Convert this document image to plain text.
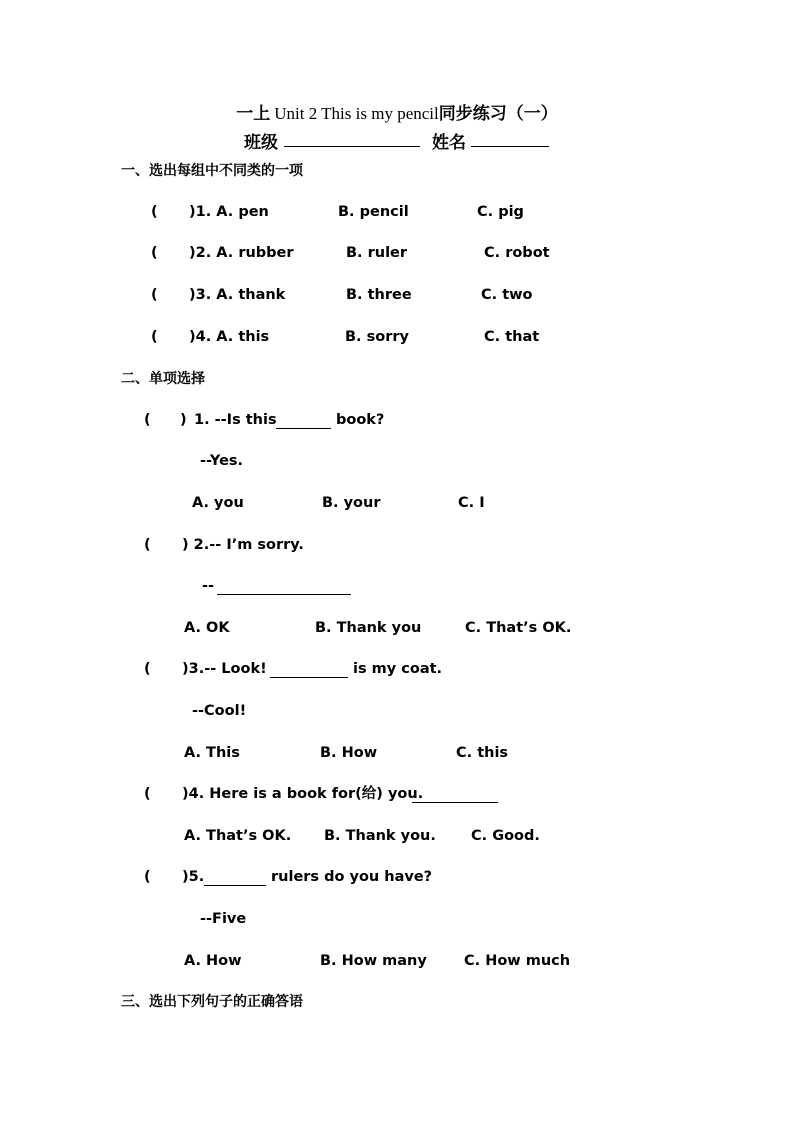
一上 Unit 2 This is my pencil同步练习（一）
班级	姓名
一、选出每组中不同类的一项
( )1. A. pen	B. pencil	C. pig
( )2. A. rubber	B. ruler	C. robot
( )3. A. thank	B. three	C. two
( )4. A. this	B. sorry	C. that
二、单项选择
( ) 1. --Is this	book?
--Yes.
A. you	B. your	C. I
( ) 2.-- I’m sorry.
--
A. OK	B. Thank you	C. That’s OK.
( )3.-- Look!	is my coat.
--Cool!
A. This	B. How	C. this
( )4. Here is a book for(给) you.
A. That’s OK. B. Thank you. C. Good.
( )5.	rulers do you have?
--Five
A. How	B. How many	C. How much
三、选出下列句子的正确答语
